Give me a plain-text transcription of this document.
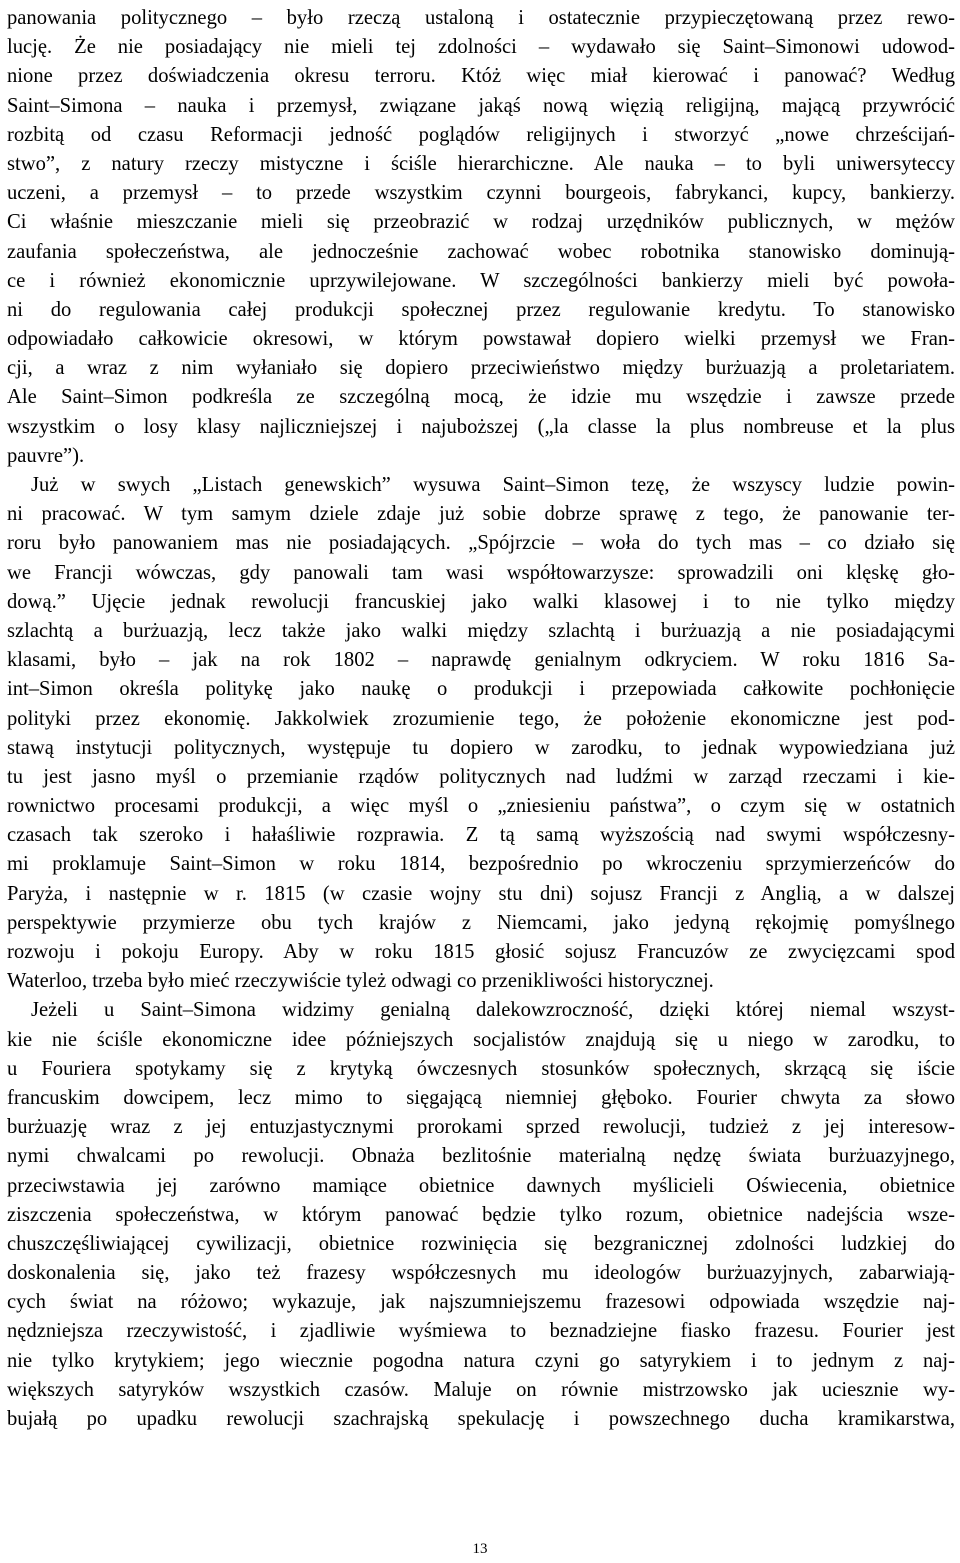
panowania politycznego – było rzeczą ustaloną i ostatecznie przypieczętowaną przez rewo-
lucję. Że nie posiadający nie mieli tej zdolności – wydawało się Saint–Simonowi udowod-
nione przez doświadczenia okresu terroru. Któż więc miał kierować i panować? Według
Saint–Simona – nauka i przemysł, związane jakąś nową więzią religijną, mającą przywrócić
rozbitą od czasu Reformacji jedność poglądów religijnych i stworzyć „nowe chrześcijań-
stwo”, z natury rzeczy mistyczne i ściśle hierarchiczne. Ale nauka – to byli uniwersyteccy
uczeni, a przemysł – to przede wszystkim czynni bourgeois, fabrykanci, kupcy, bankierzy.
Ci właśnie mieszczanie mieli się przeobrazić w rodzaj urzędników publicznych, w mężów
zaufania społeczeństwa, ale jednocześnie zachować wobec robotnika stanowisko dominują-
ce i również ekonomicznie uprzywilejowane. W szczególności bankierzy mieli być powoła-
ni do regulowania całej produkcji społecznej przez regulowanie kredytu. To stanowisko
odpowiadało całkowicie okresowi, w którym powstawał dopiero wielki przemysł we Fran-
cji, a wraz z nim wyłaniało się dopiero przeciwieństwo między burżuazją a proletariatem.
Ale Saint–Simon podkreśla ze szczególną mocą, że idzie mu wszędzie i zawsze przede
wszystkim o losy klasy najliczniejszej i najuboższej („la classe la plus nombreuse et la plus
pauvre”).
Już w swych „Listach genewskich” wysuwa Saint–Simon tezę, że wszyscy ludzie powin-
ni pracować. W tym samym dziele zdaje już sobie dobrze sprawę z tego, że panowanie ter-
roru było panowaniem mas nie posiadających. „Spójrzcie – woła do tych mas – co działo się
we Francji wówczas, gdy panowali tam wasi współtowarzysze: sprowadzili oni klęskę gło-
dową.” Ujęcie jednak rewolucji francuskiej jako walki klasowej i to nie tylko między
szlachtą a burżuazją, lecz także jako walki między szlachtą i burżuazją a nie posiadającymi
klasami, było – jak na rok 1802 – naprawdę genialnym odkryciem. W roku 1816 Sa-
int–Simon określa politykę jako naukę o produkcji i przepowiada całkowite pochłonięcie
polityki przez ekonomię. Jakkolwiek zrozumienie tego, że położenie ekonomiczne jest pod-
stawą instytucji politycznych, występuje tu dopiero w zarodku, to jednak wypowiedziana już
tu jest jasno myśl o przemianie rządów politycznych nad ludźmi w zarząd rzeczami i kie-
rownictwo procesami produkcji, a więc myśl o „zniesieniu państwa”, o czym się w ostatnich
czasach tak szeroko i hałaśliwie rozprawia. Z tą samą wyższością nad swymi współczesny-
mi proklamuje Saint–Simon w roku 1814, bezpośrednio po wkroczeniu sprzymierzeńców do
Paryża, i następnie w r. 1815 (w czasie wojny stu dni) sojusz Francji z Anglią, a w dalszej
perspektywie przymierze obu tych krajów z Niemcami, jako jedyną rękojmię pomyślnego
rozwoju i pokoju Europy. Aby w roku 1815 głosić sojusz Francuzów ze zwycięzcami spod
Waterloo, trzeba było mieć rzeczywiście tyleż odwagi co przenikliwości historycznej.
Jeżeli u Saint–Simona widzimy genialną dalekowzroczność, dzięki której niemal wszyst-
kie nie ściśle ekonomiczne idee późniejszych socjalistów znajdują się u niego w zarodku, to
u Fouriera spotykamy się z krytyką ówczesnych stosunków społecznych, skrzącą się iście
francuskim dowcipem, lecz mimo to sięgającą niemniej głęboko. Fourier chwyta za słowo
burżuazję wraz z jej entuzjastycznymi prorokami sprzed rewolucji, tudzież z jej interesow-
nymi chwalcami po rewolucji. Obnaża bezlitośnie materialną nędzę świata burżuazyjnego,
przeciwstawia jej zarówno mamiące obietnice dawnych myślicieli Oświecenia, obietnice
ziszczenia społeczeństwa, w którym panować będzie tylko rozum, obietnice nadejścia wsze-
chuszczęśliwiającej cywilizacji, obietnice rozwinięcia się bezgranicznej zdolności ludzkiej do
doskonalenia się, jako też frazesy współczesnych mu ideologów burżuazyjnych, zabarwiają-
cych świat na różowo; wykazuje, jak najszumniejszemu frazesowi odpowiada wszędzie naj-
nędzniejsza rzeczywistość, i zjadliwie wyśmiewa to beznadziejne fiasko frazesu. Fourier jest
nie tylko krytykiem; jego wiecznie pogodna natura czyni go satyrykiem i to jednym z naj-
większych satyryków wszystkich czasów. Maluje on równie mistrzowsko jak uciesznie wy-
bujałą po upadku rewolucji szachrajską spekulację i powszechnego ducha kramikarstwa,
13
